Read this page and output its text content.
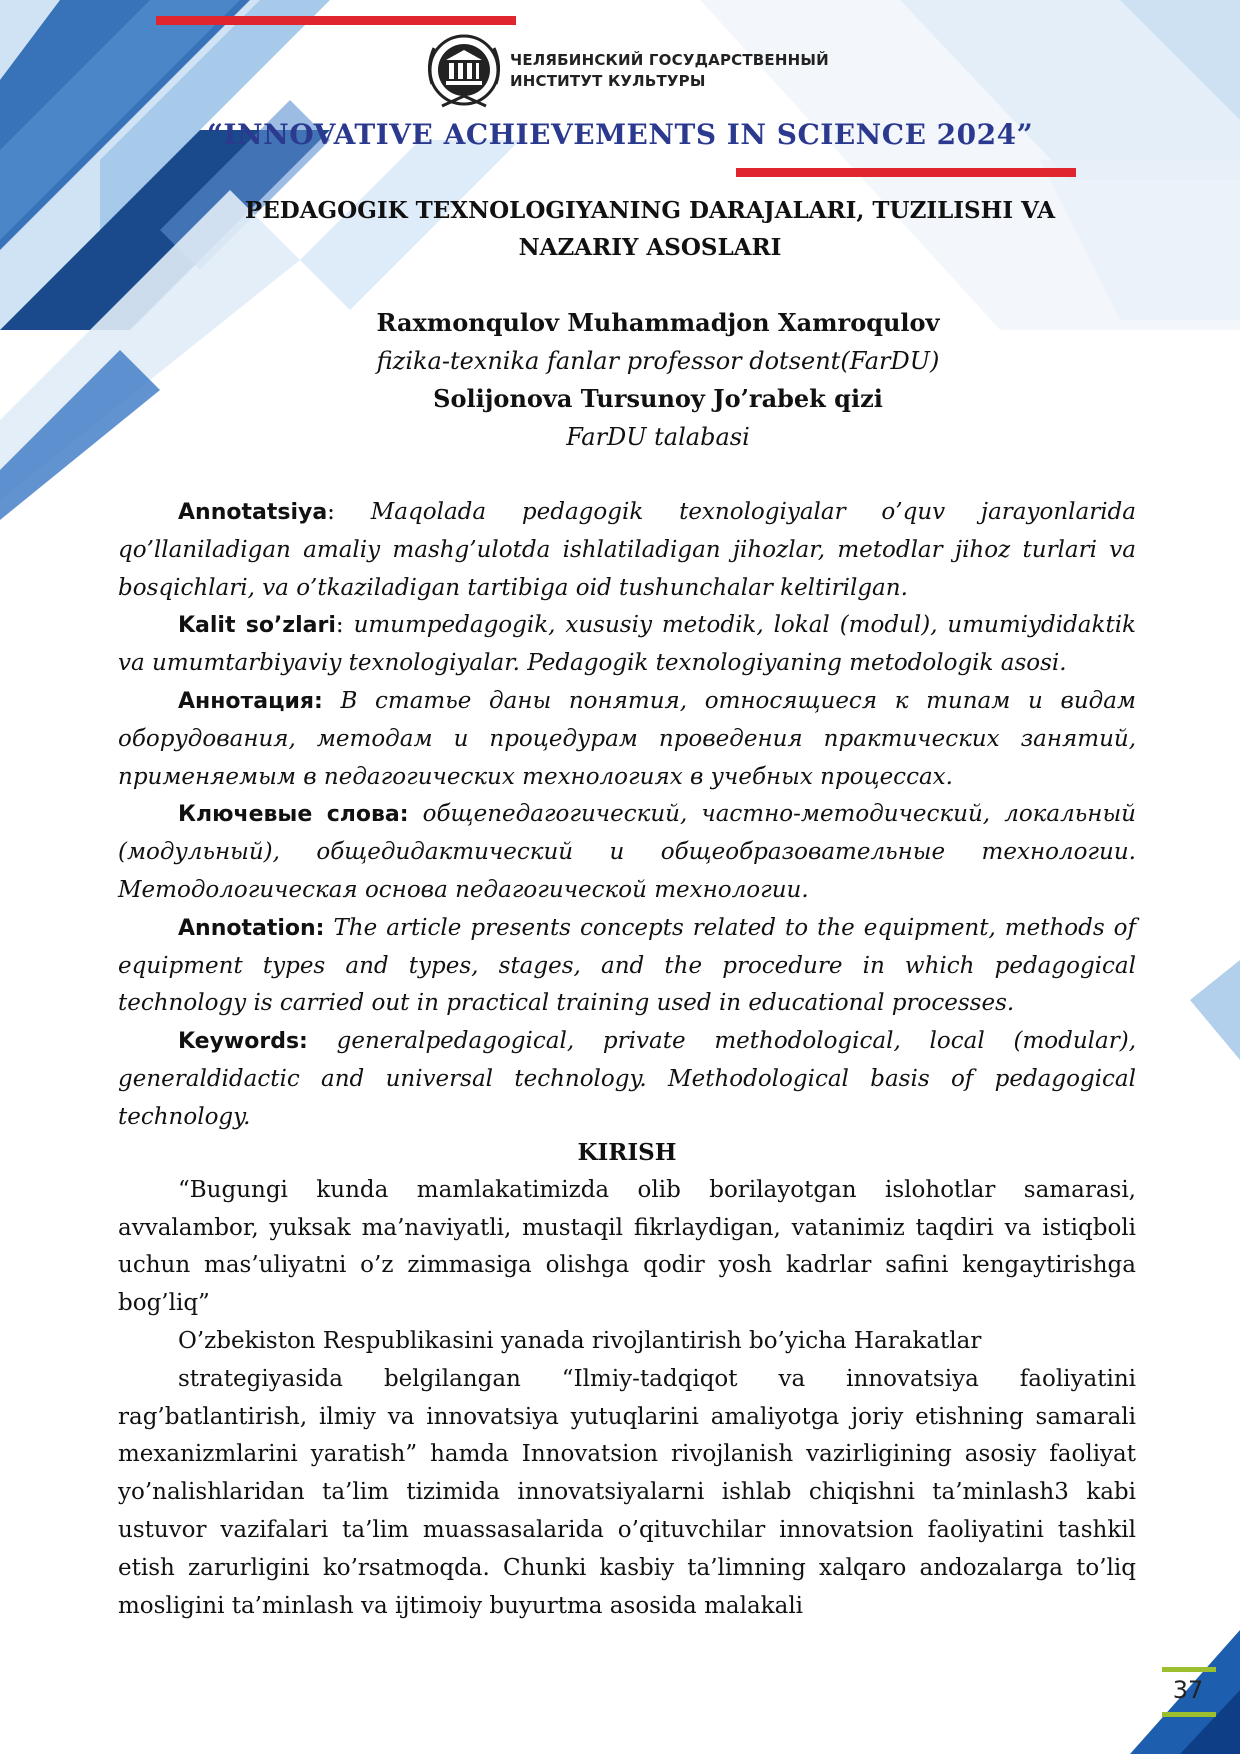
ЧЕЛЯБИНСКИЙ ГОСУДАРСТВЕННЫЙ
ИНСТИТУТ КУЛЬТУРЫ
“INNOVATIVE ACHIEVEMENTS IN SCIENCE 2024”
PEDAGOGIK TEXNOLOGIYANING DARAJALARI, TUZILISHI VA
NAZARIY ASOSLARI
Raxmonqulov Muhammadjon Xamroqulov
fizika-texnika fanlar professor dotsent(FarDU)
Solijonova Tursunoy Jo’rabek qizi
FarDU talabasi

Annotatsiya: Maqolada pedagogik texnologiyalar o’quv jarayonlarida qo’llaniladigan amaliy mashg’ulotda ishlatiladigan jihozlar, metodlar jihoz turlari va bosqichlari, va o’tkaziladigan tartibiga oid tushunchalar keltirilgan.

Kalit so’zlari: umumpedagogik, xususiy metodik, lokal (modul), umumiydidaktik va umumtarbiyaviy texnologiyalar. Pedagogik texnologiyaning metodologik asosi.

Аннотация: В статье даны понятия, относящиеся к типам и видам оборудования, методам и процедурам проведения практических занятий, применяемым в педагогических технологиях в учебных процессах.

Ключевые слова: общепедагогический, частно-методический, локальный (модульный), общедидактический и общеобразовательные технологии. Методологическая основа педагогической технологии.

Annotation: The article presents concepts related to the equipment, methods of equipment types and types, stages, and the procedure in which pedagogical technology is carried out in practical training used in educational processes.

Keywords: generalpedagogical, private methodological, local (modular), generaldidactic and universal technology. Methodological basis of pedagogical technology.

KIRISH

“Bugungi kunda mamlakatimizda olib borilayotgan islohotlar samarasi, avvalambor, yuksak ma’naviyatli, mustaqil fikrlaydigan, vatanimiz taqdiri va istiqboli uchun mas’uliyatni o’z zimmasiga olishga qodir yosh kadrlar safini kengaytirishga bog’liq”

O’zbekiston Respublikasini yanada rivojlantirish bo’yicha Harakatlar

strategiyasida belgilangan “Ilmiy-tadqiqot va innovatsiya faoliyatini rag’batlantirish, ilmiy va innovatsiya yutuqlarini amaliyotga joriy etishning samarali mexanizmlarini yaratish” hamda Innovatsion rivojlanish vazirligining asosiy faoliyat yo’nalishlaridan ta’lim tizimida innovatsiyalarni ishlab chiqishni ta’minlash3 kabi ustuvor vazifalari ta’lim muassasalarida o’qituvchilar innovatsion faoliyatini tashkil etish zarurligini ko’rsatmoqda. Chunki kasbiy ta’limning xalqaro andozalarga to’liq mosligini ta’minlash va ijtimoiy buyurtma asosida malakali

37
